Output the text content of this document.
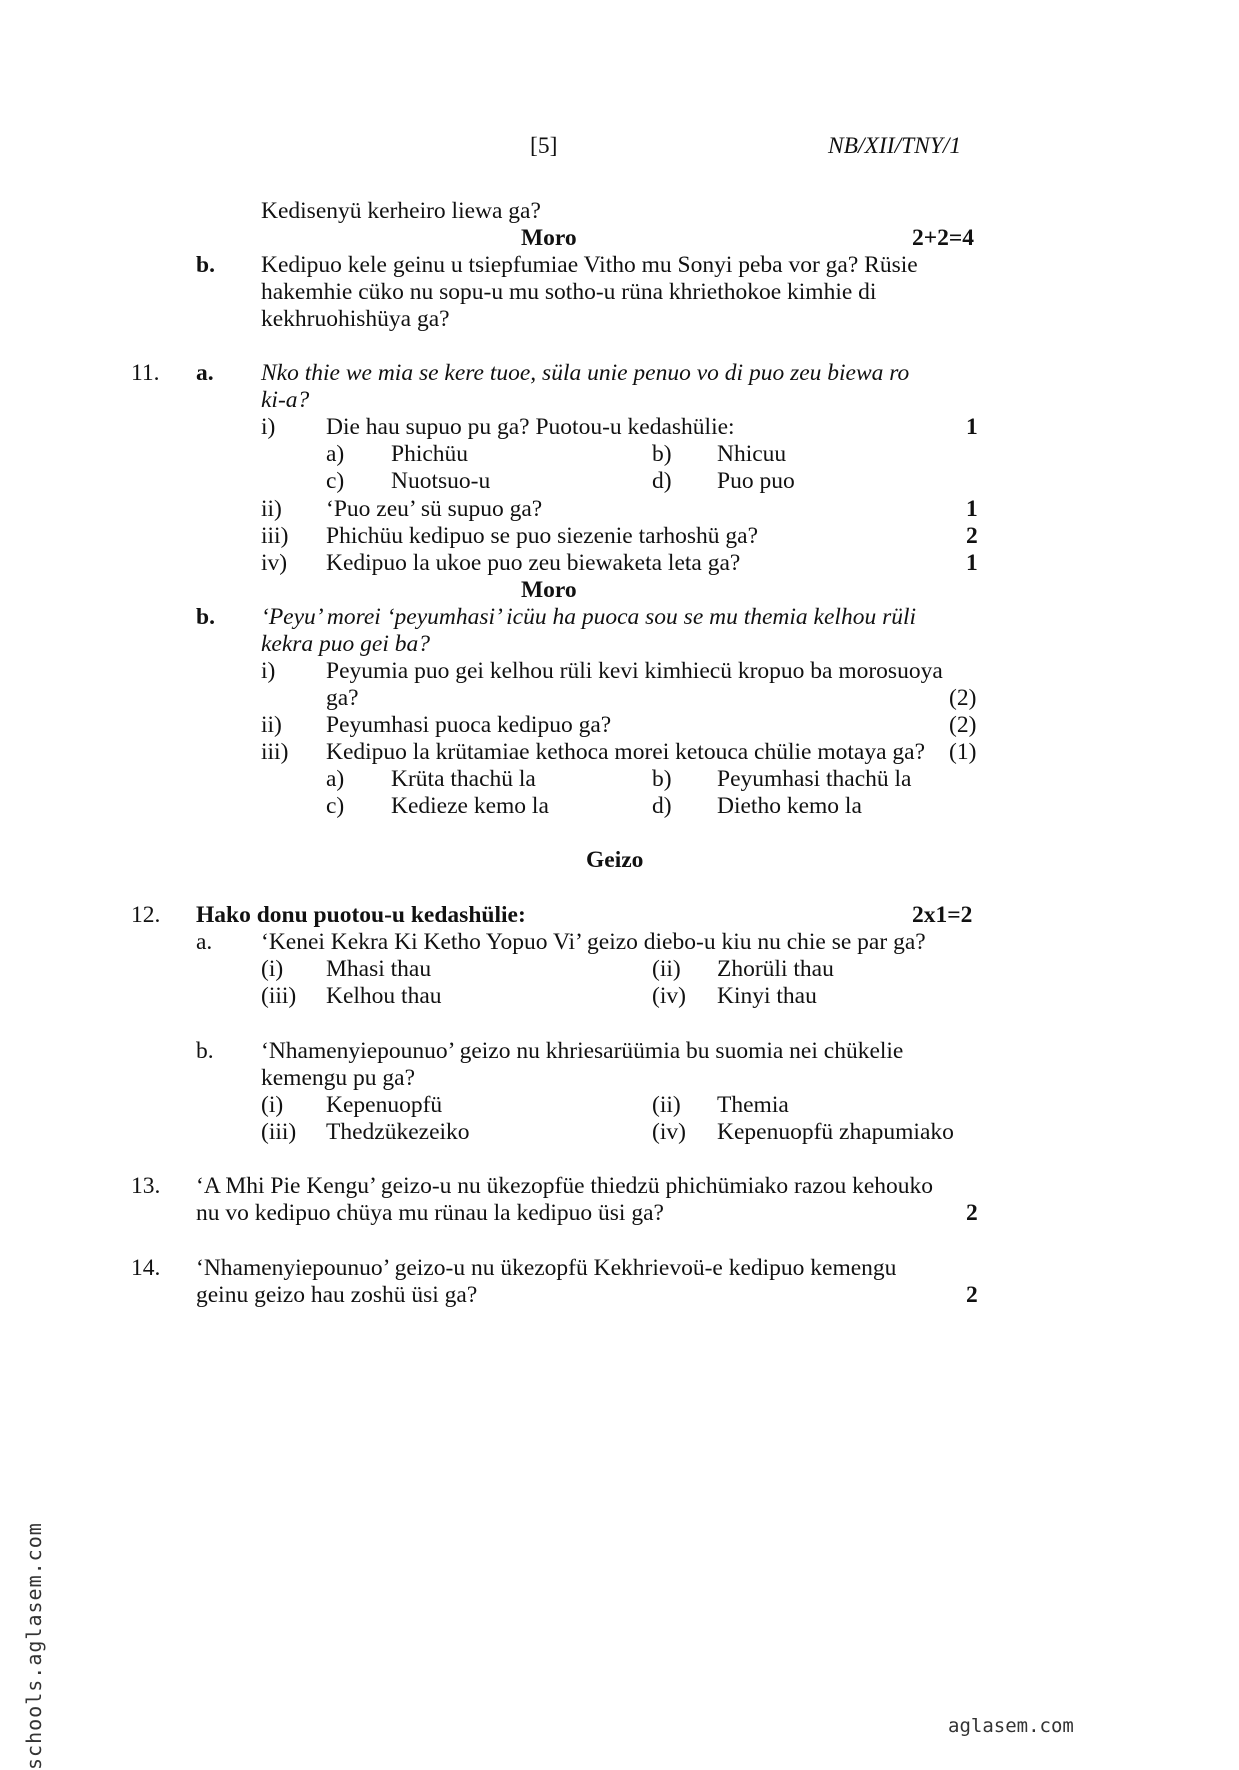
[5]	NB/XII/TNY/1
Kedisenyü kerheiro liewa ga?
Moro	2+2=4
b. Kedipuo kele geinu u tsiepfumiae Vitho mu Sonyi peba vor ga? Rüsie
hakemhie cüko nu sopu-u mu sotho-u rüna khriethokoe kimhie di
kekhruohishüya ga?
11. a. Nko thie we mia se kere tuoe, süla unie penuo vo di puo zeu biewa ro
ki-a?
i) Die hau supuo pu ga? Puotou-u kedashülie:	1
a) Phichüu	b) Nhicuu
c) Nuotsuo-u	d) Puo puo
ii) ‘Puo zeu’ sü supuo ga?	1
iii) Phichüu kedipuo se puo siezenie tarhoshü ga?	2
iv) Kedipuo la ukoe puo zeu biewaketa leta ga?	1
Moro
b. ‘Peyu’ morei ‘peyumhasi’ icüu ha puoca sou se mu themia kelhou rüli
kekra puo gei ba?
i) Peyumia puo gei kelhou rüli kevi kimhiecü kropuo ba morosuoya
ga?	(2)
ii) Peyumhasi puoca kedipuo ga?	(2)
iii) Kedipuo la krütamiae kethoca morei ketouca chülie motaya ga? (1)
a) Krüta thachü la	b) Peyumhasi thachü la
c) Kedieze kemo la	d) Dietho kemo la
Geizo
12. Hako donu puotou-u kedashülie:	2x1=2
a. ‘Kenei Kekra Ki Ketho Yopuo Vi’ geizo diebo-u kiu nu chie se par ga?
(i) Mhasi thau	(ii) Zhorüli thau
(iii) Kelhou thau	(iv) Kinyi thau
b. ‘Nhamenyiepounuo’ geizo nu khriesarüümia bu suomia nei chükelie
kemengu pu ga?
(i) Kepenuopfü	(ii) Themia
(iii) Thedzükezeiko	(iv) Kepenuopfü zhapumiako
13. ‘A Mhi Pie Kengu’ geizo-u nu ükezopfüe thiedzü phichümiako razou kehouko
nu vo kedipuo chüya mu rünau la kedipuo üsi ga?	2
14. ‘Nhamenyiepounuo’ geizo-u nu ükezopfü Kekhrievoü-e kedipuo kemengu
geinu geizo hau zoshü üsi ga?	2
schools.aglasem.com	aglasem.com
